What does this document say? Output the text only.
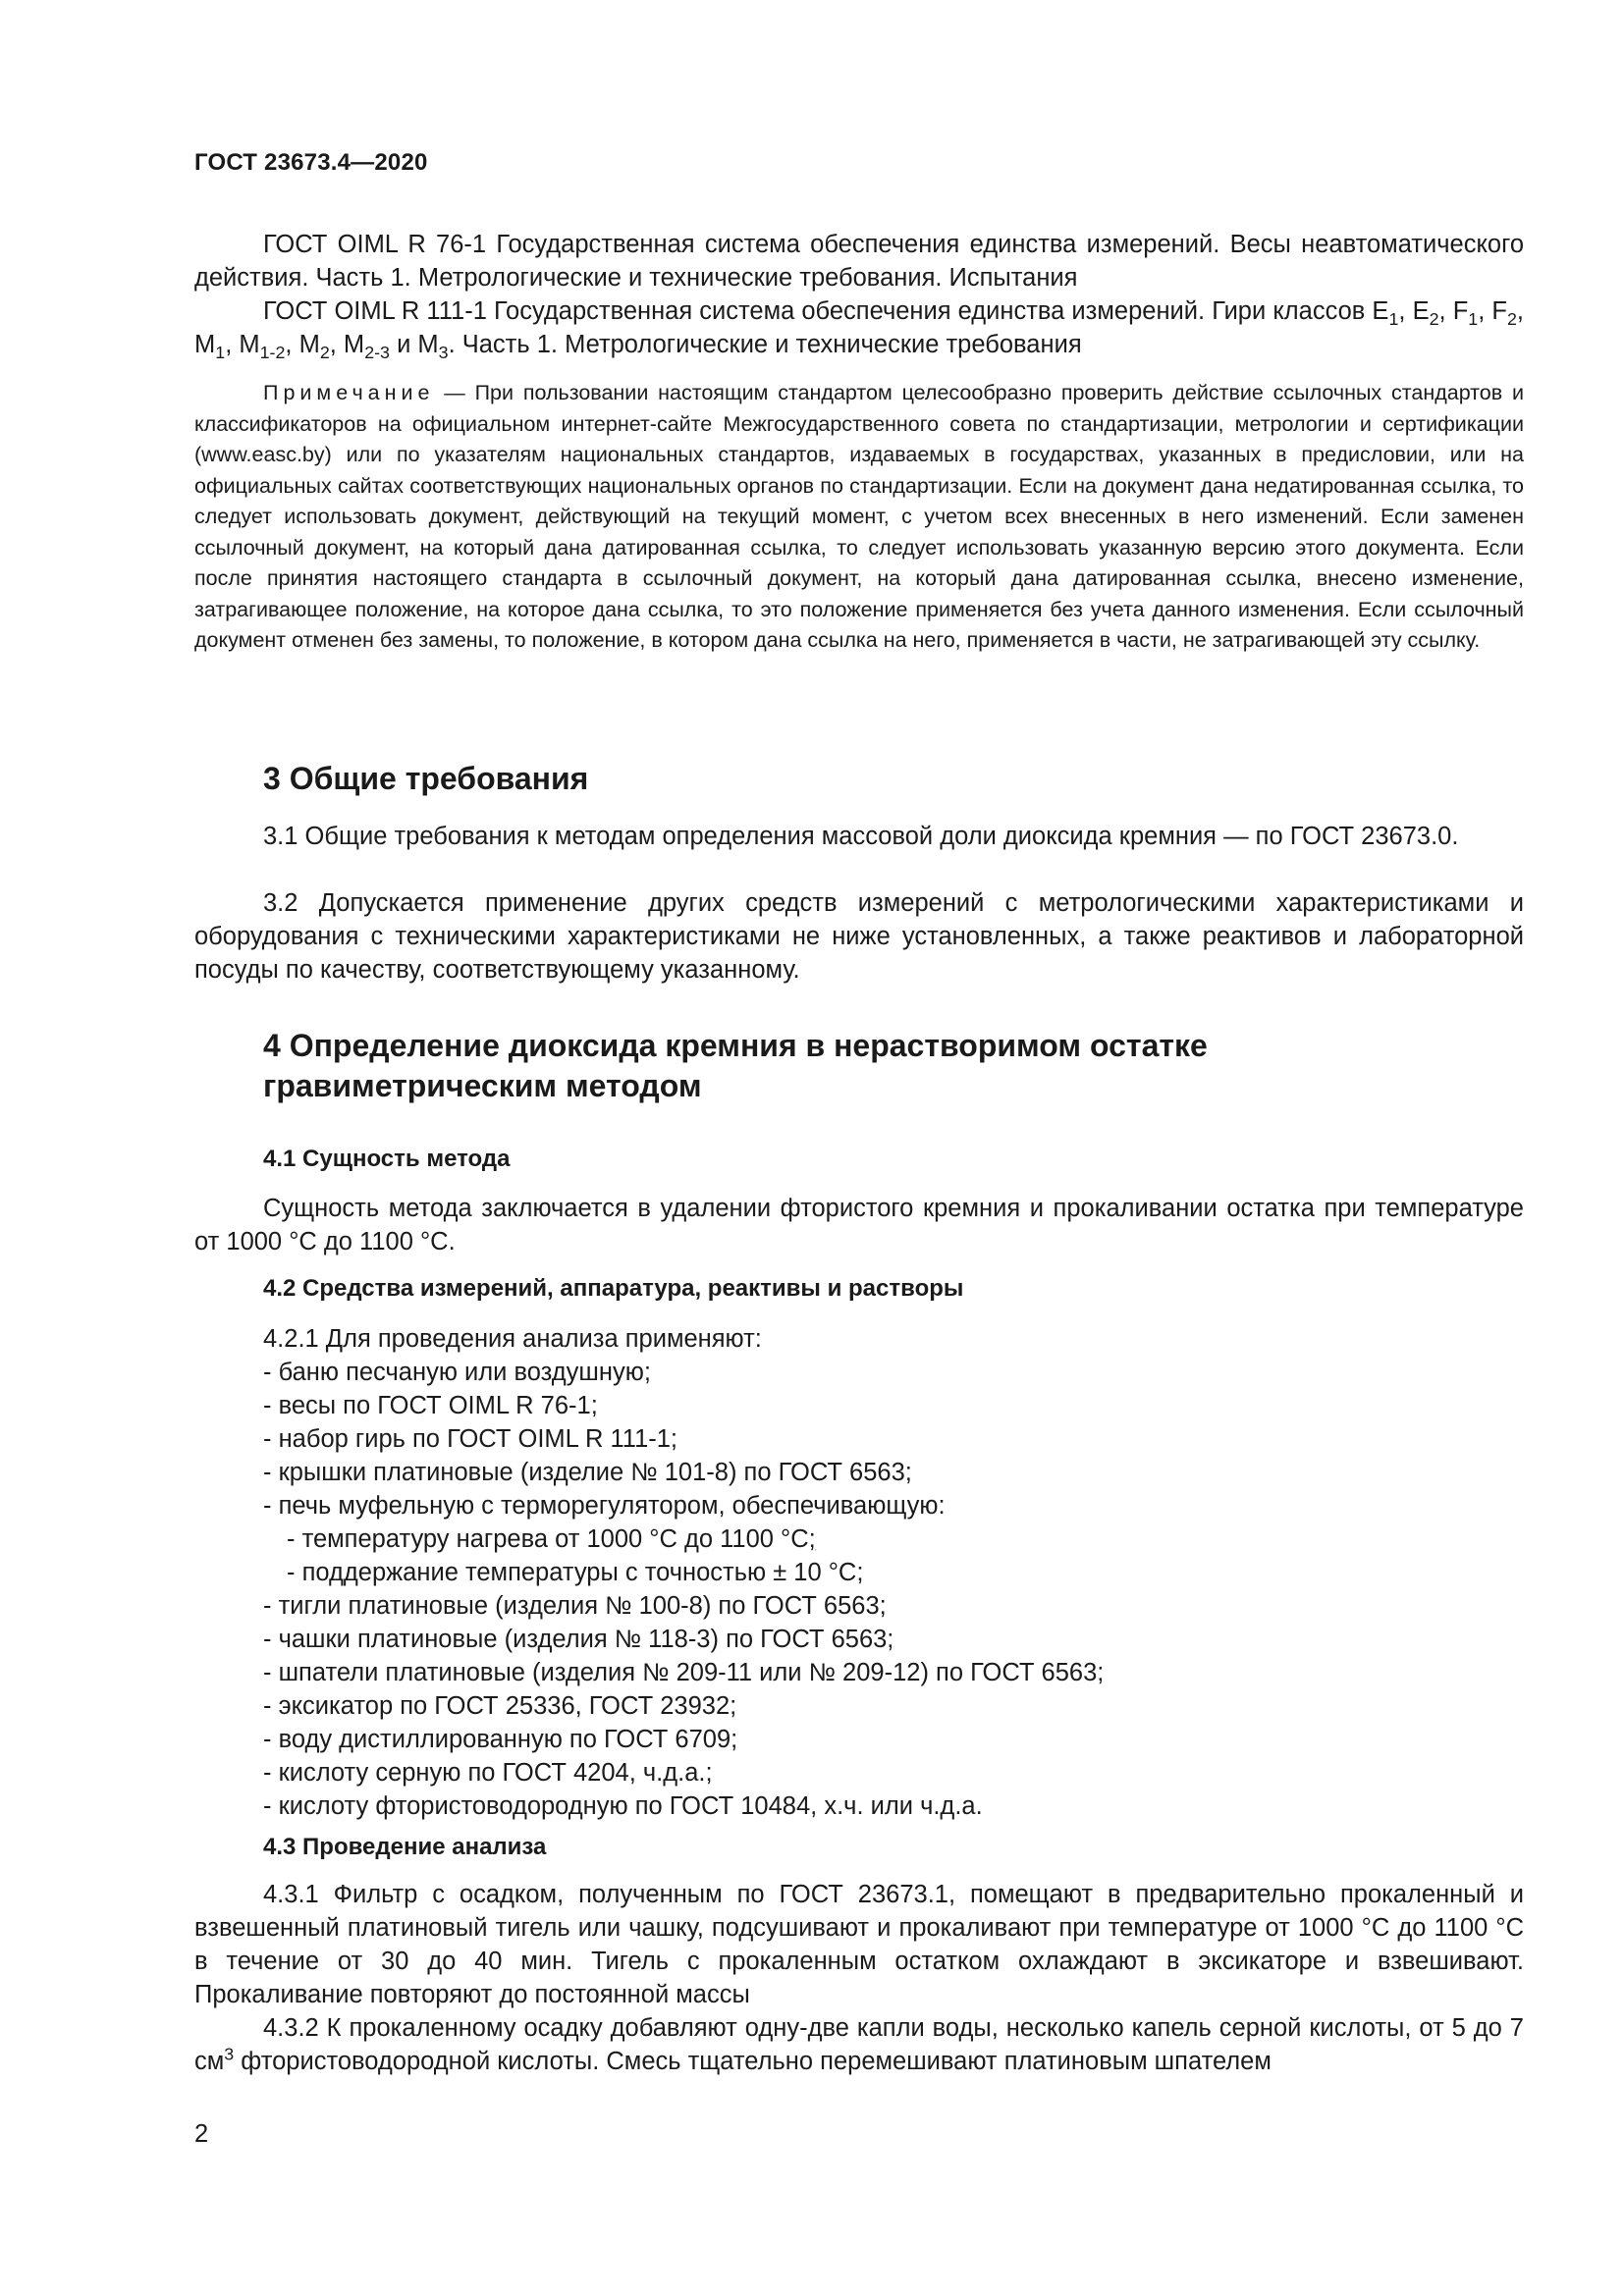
ГОСТ 23673.4—2020

ГОСТ OIML R 76-1 Государственная система обеспечения единства измерений. Весы неавтоматического действия. Часть 1. Метрологические и технические требования. Испытания

ГОСТ OIML R 111-1 Государственная система обеспечения единства измерений. Гири классов $E_1$, $E_2$, $F_1$, $F_2$, $M_1$, $M_{1-2}$, $M_2$, $M_{2-3}$ и $M_3$. Часть 1. Метрологические и технические требования

Примечание — При пользовании настоящим стандартом целесообразно проверить действие ссылочных стандартов и классификаторов на официальном интернет-сайте Межгосударственного совета по стандартизации, метрологии и сертификации (www.easc.by) или по указателям национальных стандартов, издаваемых в государствах, указанных в предисловии, или на официальных сайтах соответствующих национальных органов по стандартизации. Если на документ дана недатированная ссылка, то следует использовать документ, действующий на текущий момент, с учетом всех внесенных в него изменений. Если заменен ссылочный документ, на который дана датированная ссылка, то следует использовать указанную версию этого документа. Если после принятия настоящего стандарта в ссылочный документ, на который дана датированная ссылка, внесено изменение, затрагивающее положение, на которое дана ссылка, то это положение применяется без учета данного изменения. Если ссылочный документ отменен без замены, то положение, в котором дана ссылка на него, применяется в части, не затрагивающей эту ссылку.

3 Общие требования

3.1 Общие требования к методам определения массовой доли диоксида кремния — по ГОСТ 23673.0.

3.2 Допускается применение других средств измерений с метрологическими характеристиками и оборудования с техническими характеристиками не ниже установленных, а также реактивов и лабораторной посуды по качеству, соответствующему указанному.

4 Определение диоксида кремния в нерастворимом остатке
гравиметрическим методом
4.1 Сущность метода

Сущность метода заключается в удалении фтористого кремния и прокаливании остатка при температуре от 1000 °С до 1100 °С.

4.2 Средства измерений, аппаратура, реактивы и растворы
4.2.1 Для проведения анализа применяют:
- баню песчаную или воздушную;
- весы по ГОСТ OIML R 76-1;
- набор гирь по ГОСТ OIML R 111-1;
- крышки платиновые (изделие № 101-8) по ГОСТ 6563;
- печь муфельную с терморегулятором, обеспечивающую:
- температуру нагрева от 1000 °С до 1100 °С;
- поддержание температуры с точностью ± 10 °С;
- тигли платиновые (изделия № 100-8) по ГОСТ 6563;
- чашки платиновые (изделия № 118-3) по ГОСТ 6563;
- шпатели платиновые (изделия № 209-11 или № 209-12) по ГОСТ 6563;
- эксикатор по ГОСТ 25336, ГОСТ 23932;
- воду дистиллированную по ГОСТ 6709;
- кислоту серную по ГОСТ 4204, ч.д.а.;
- кислоту фтористоводородную по ГОСТ 10484, х.ч. или ч.д.а.
4.3 Проведение анализа

4.3.1 Фильтр с осадком, полученным по ГОСТ 23673.1, помещают в предварительно прокаленный и взвешенный платиновый тигель или чашку, подсушивают и прокаливают при температуре от 1000 °С до 1100 °С в течение от 30 до 40 мин. Тигель с прокаленным остатком охлаждают в эксикаторе и взвешивают. Прокаливание повторяют до постоянной массы

4.3.2 К прокаленному осадку добавляют одну-две капли воды, несколько капель серной кислоты, от 5 до 7 $см^3$ фтористоводородной кислоты. Смесь тщательно перемешивают платиновым шпателем

2
